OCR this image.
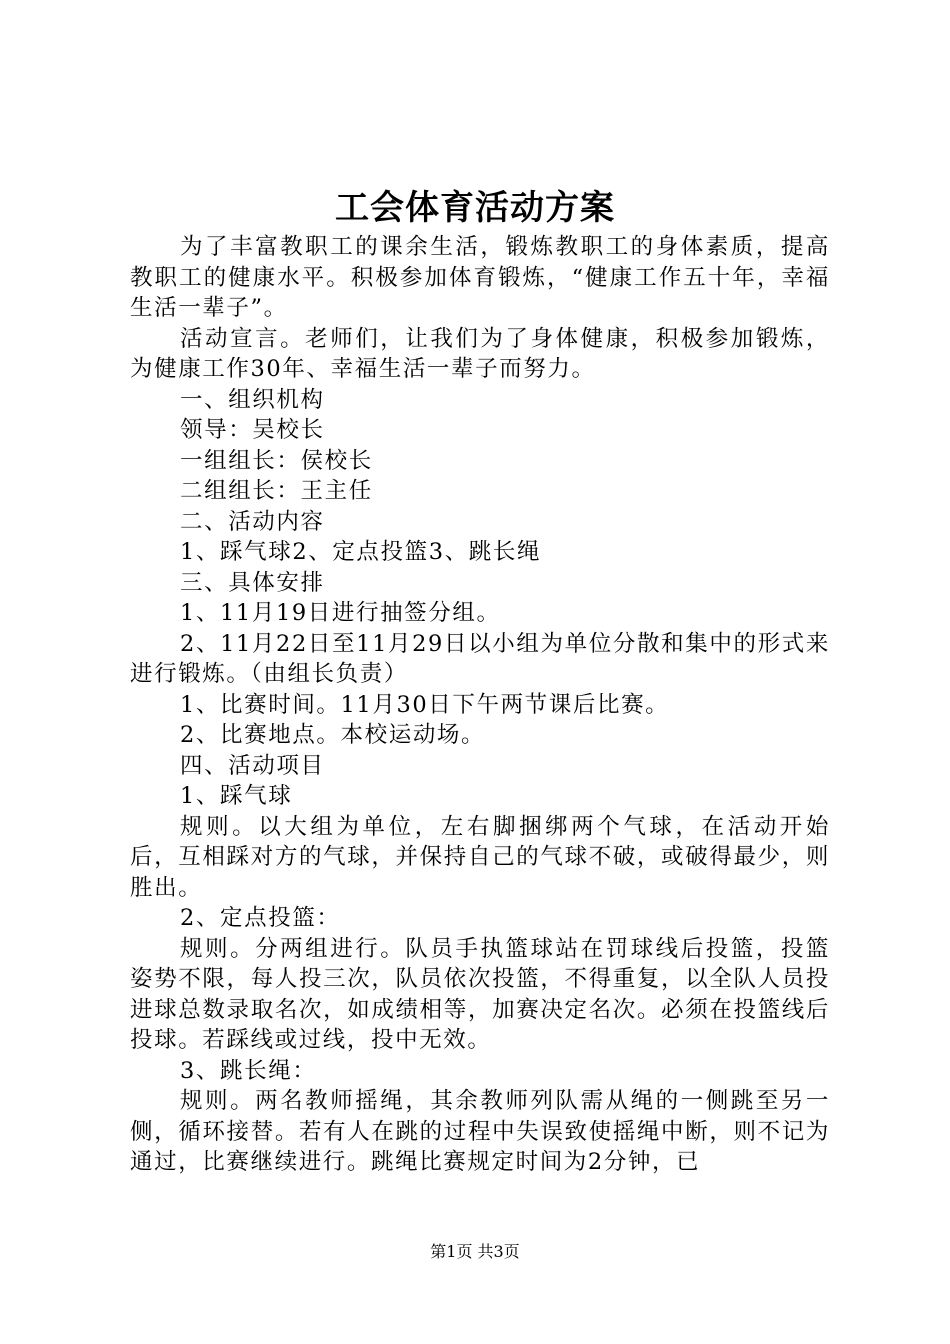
工会体育活动方案

为了丰富教职工的课余生活，锻炼教职工的身体素质，提高教职工的健康水平。积极参加体育锻炼，“健康工作五十年，幸福生活一辈子”。

活动宣言。老师们，让我们为了身体健康，积极参加锻炼，为健康工作30年、幸福生活一辈子而努力。

一、组织机构

领导：吴校长

一组组长：侯校长

二组组长：王主任

二、活动内容

1、踩气球2、定点投篮3、跳长绳

三、具体安排

1、11月19日进行抽签分组。

2、11月22日至11月29日以小组为单位分散和集中的形式来进行锻炼。（由组长负责）

1、比赛时间。11月30日下午两节课后比赛。

2、比赛地点。本校运动场。

四、活动项目

1、踩气球

规则。以大组为单位，左右脚捆绑两个气球，在活动开始后，互相踩对方的气球，并保持自己的气球不破，或破得最少，则胜出。

2、定点投篮：

规则。分两组进行。队员手执篮球站在罚球线后投篮，投篮姿势不限，每人投三次，队员依次投篮，不得重复，以全队人员投进球总数录取名次，如成绩相等，加赛决定名次。必须在投篮线后投球。若踩线或过线，投中无效。

3、跳长绳：

规则。两名教师摇绳，其余教师列队需从绳的一侧跳至另一侧，循环接替。若有人在跳的过程中失误致使摇绳中断，则不记为通过，比赛继续进行。跳绳比赛规定时间为2分钟，已

第1页 共3页
